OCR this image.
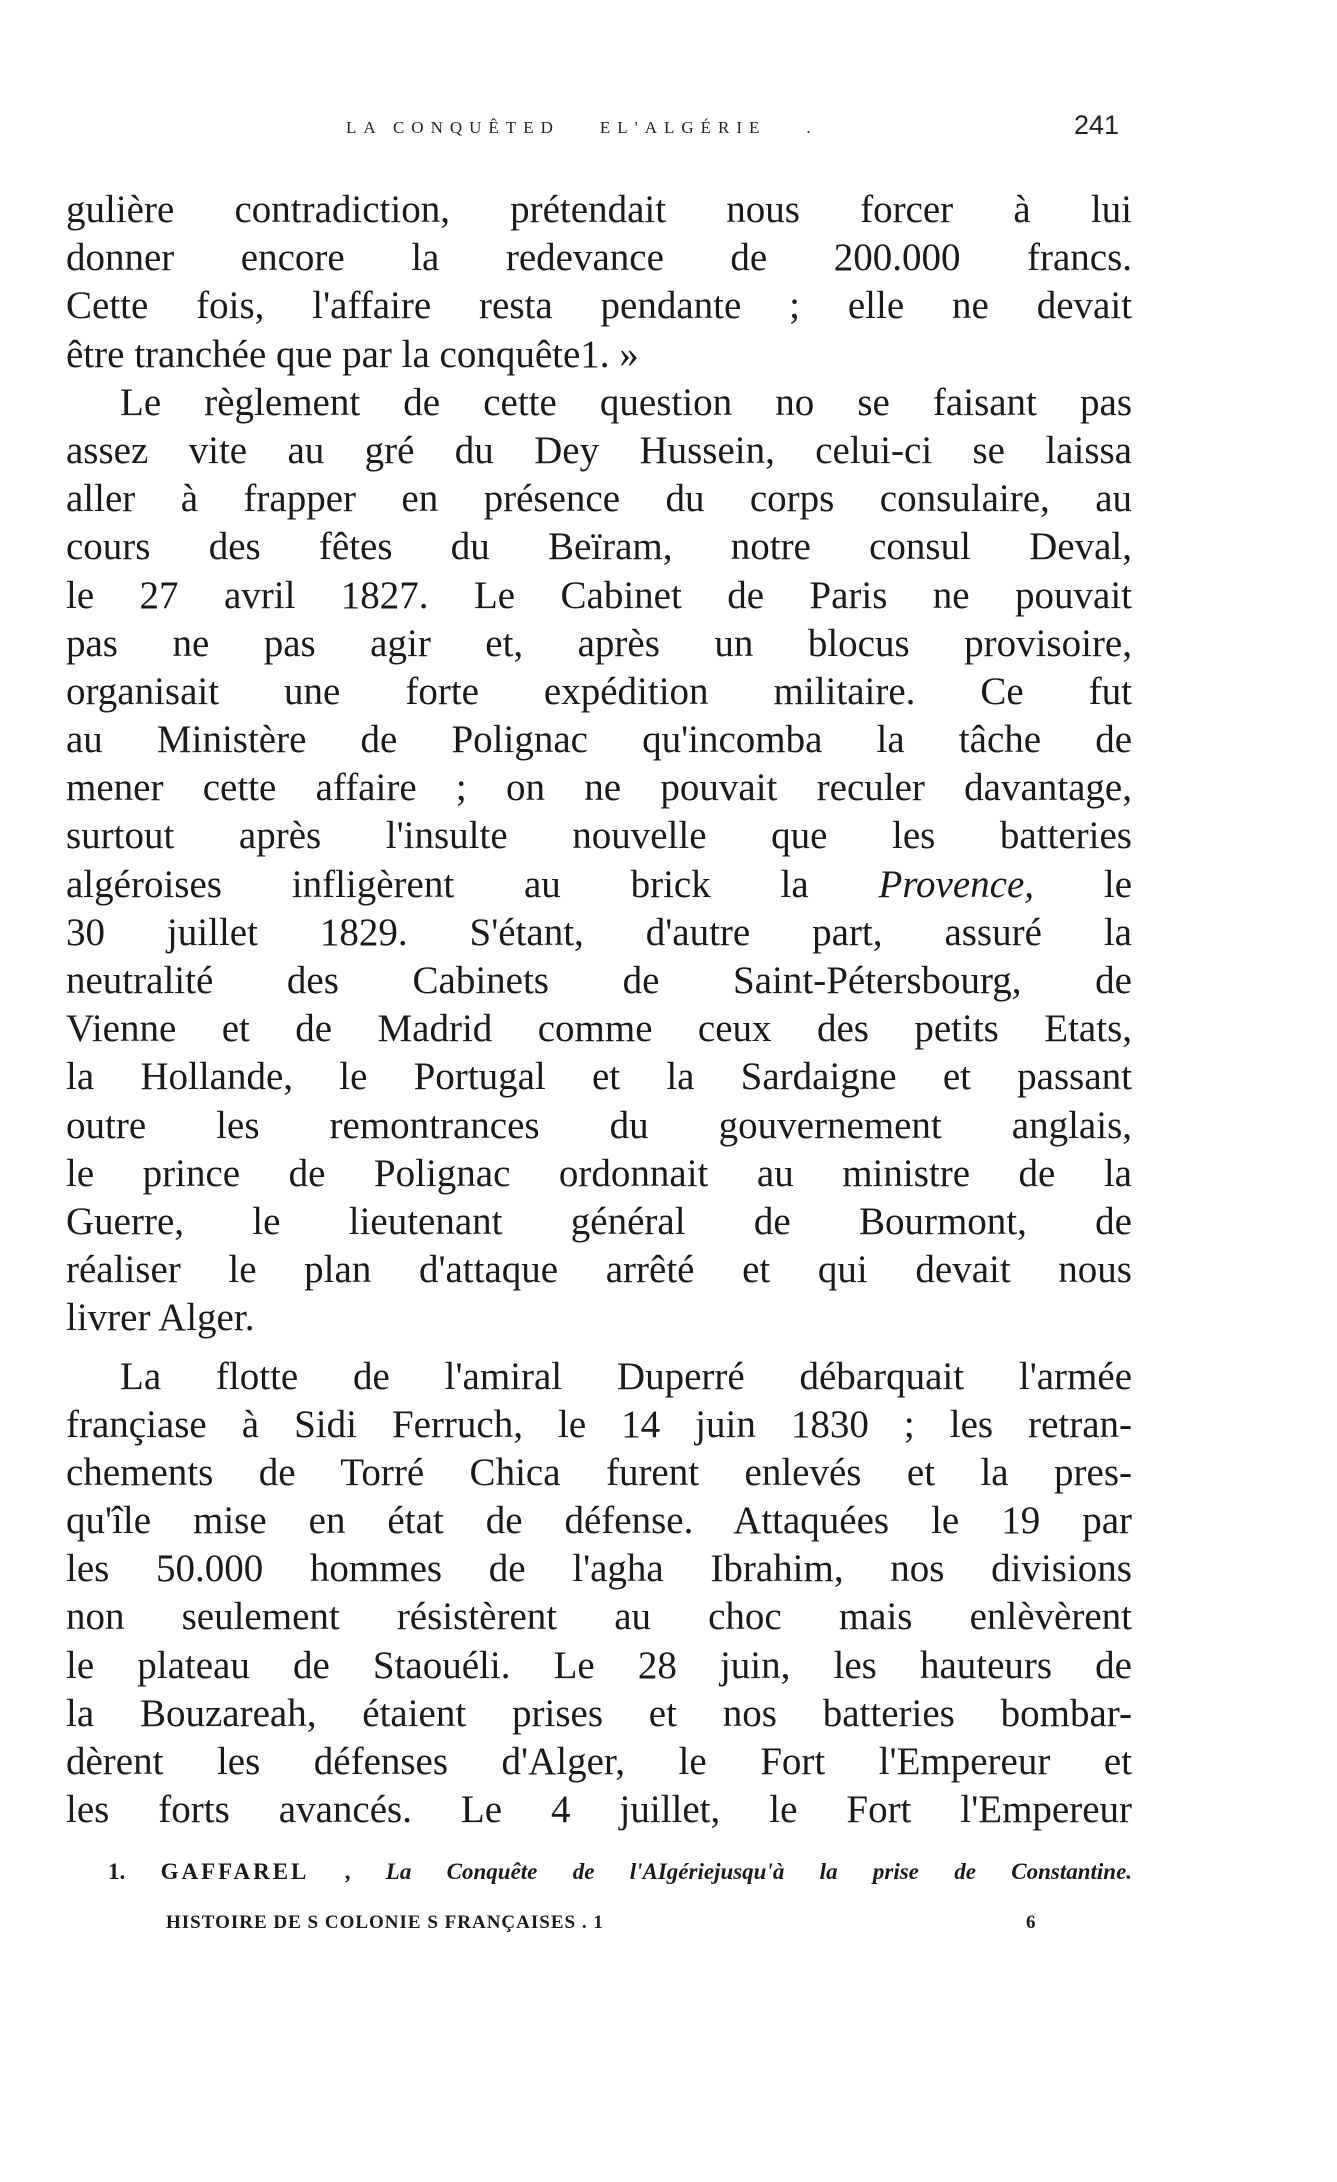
LA CONQUÊTED EL'ALGÉRIE .	241
gulière contradiction, prétendait nous forcer à lui
donner encore la redevance de 200.000 francs.
Cette fois, l'affaire resta pendante ; elle ne devait
être tranchée que par la conquête1. »
Le règlement de cette question no se faisant pas
assez vite au gré du Dey Hussein, celui-ci se laissa
aller à frapper en présence du corps consulaire, au
cours des fêtes du Beïram, notre consul Deval,
le 27 avril 1827. Le Cabinet de Paris ne pouvait
pas ne pas agir et, après un blocus provisoire,
organisait une forte expédition militaire. Ce fut
au Ministère de Polignac qu'incomba la tâche de
mener cette affaire ; on ne pouvait reculer davantage,
surtout après l'insulte nouvelle que les batteries
algéroises infligèrent au brick la Provence, le
30 juillet 1829. S'étant, d'autre part, assuré la
neutralité des Cabinets de Saint-Pétersbourg, de
Vienne et de Madrid comme ceux des petits Etats,
la Hollande, le Portugal et la Sardaigne et passant
outre les remontrances du gouvernement anglais,
le prince de Polignac ordonnait au ministre de la
Guerre, le lieutenant général de Bourmont, de
réaliser le plan d'attaque arrêté et qui devait nous
livrer Alger.
La flotte de l'amiral Duperré débarquait l'armée
françiase à Sidi Ferruch, le 14 juin 1830 ; les retran-
chements de Torré Chica furent enlevés et la pres-
qu'île mise en état de défense. Attaquées le 19 par
les 50.000 hommes de l'agha Ibrahim, nos divisions
non seulement résistèrent au choc mais enlèvèrent
le plateau de Staouéli. Le 28 juin, les hauteurs de
la Bouzareah, étaient prises et nos batteries bombar-
dèrent les défenses d'Alger, le Fort l'Empereur et
les forts avancés. Le 4 juillet, le Fort l'Empereur
1. GAFFAREL , La Conquête de l'AIgériejusqu'à la prise de Constantine.
HISTOIRE DE S COLONIE S FRANÇAISES . 1	6
